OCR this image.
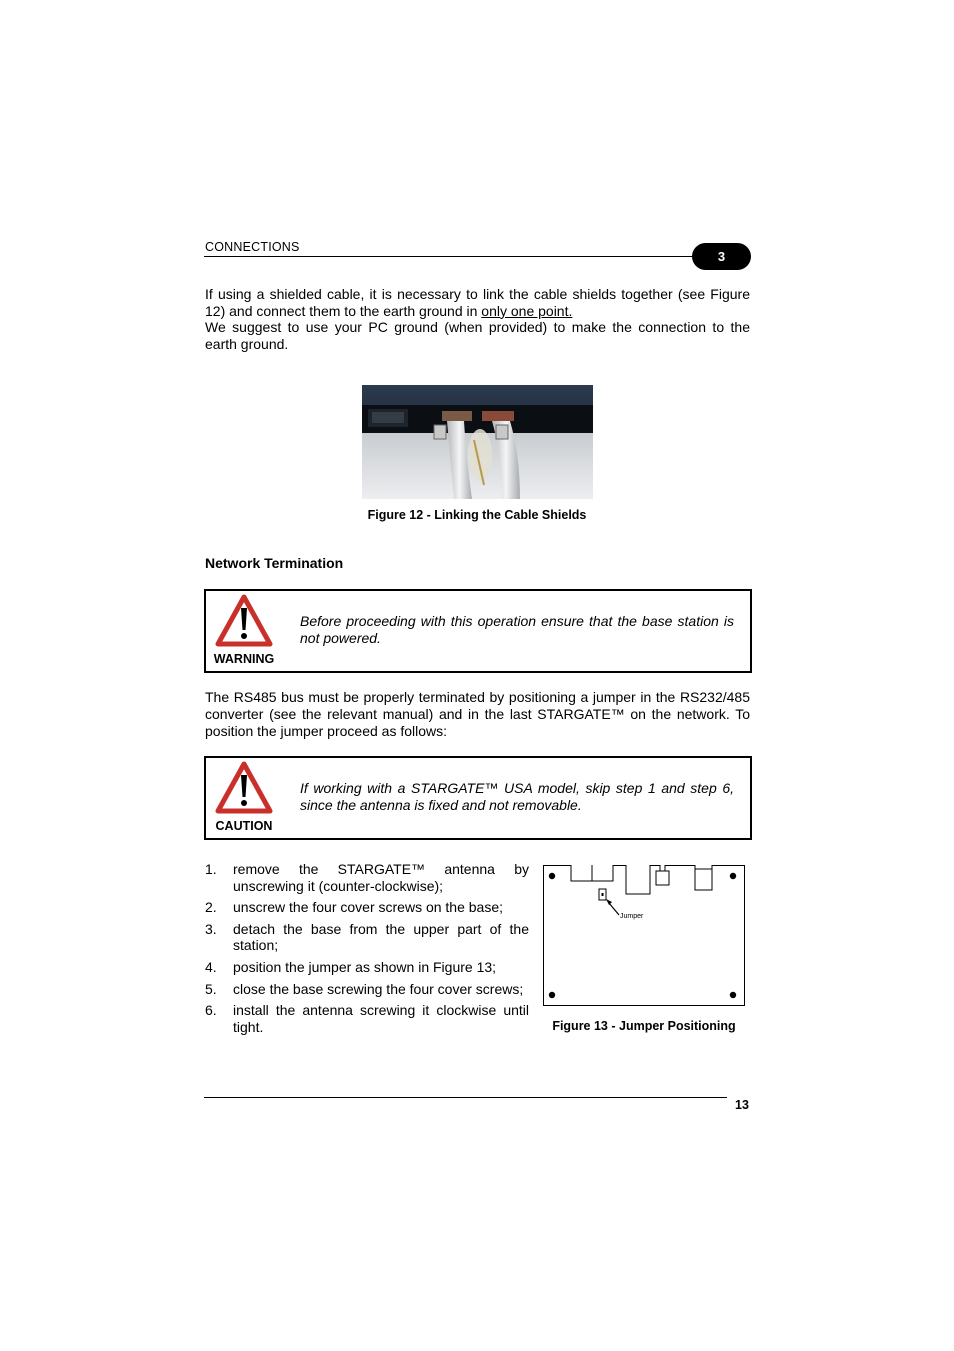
CONNECTIONS
3
If using a shielded cable, it is necessary to link the cable shields together (see Figure 12) and connect them to the earth ground in only one point.
We suggest to use your PC ground (when provided) to make the connection to the earth ground.
Figure 12 - Linking the Cable Shields
Network Termination
WARNING
Before proceeding with this operation ensure that the base station is not powered.
The RS485 bus must be properly terminated by positioning a jumper in the RS232/485 converter (see the relevant manual) and in the last STARGATE™ on the network. To position the jumper proceed as follows:
CAUTION
If working with a STARGATE™ USA model, skip step 1 and step 6, since the antenna is fixed and not removable.
1. remove the STARGATE™ antenna by unscrewing it (counter-clockwise);
2. unscrew the four cover screws on the base;
3. detach the base from the upper part of the station;
4. position the jumper as shown in Figure 13;
5. close the base screwing the four cover screws;
6. install the antenna screwing it clockwise until tight.
Jumper
Figure 13 - Jumper Positioning
13
